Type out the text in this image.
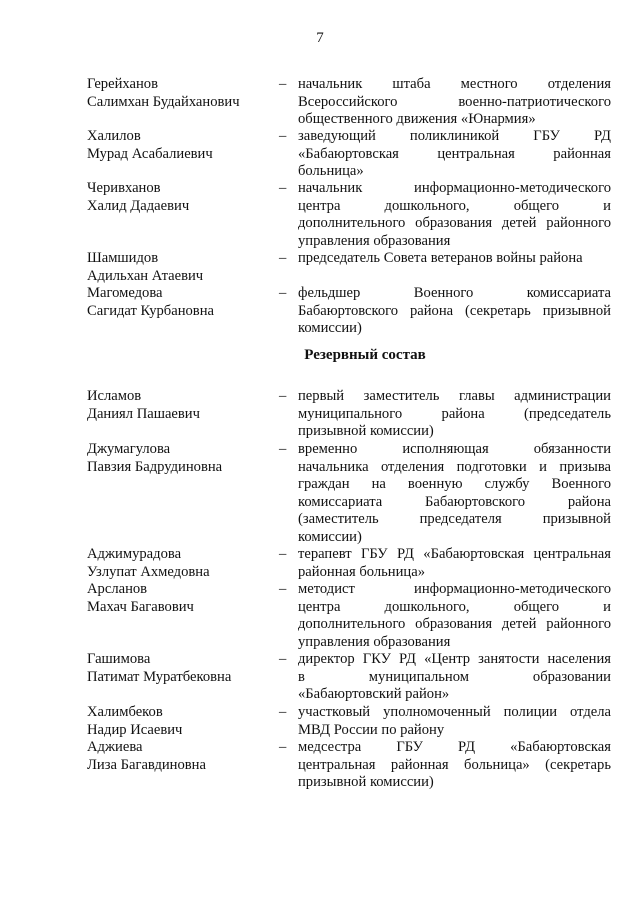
7
Герейханов
Салимхан Будайханович
– начальник штаба местного отделения
Всероссийского военно-патриотического
общественного движения «Юнармия»
Халилов
Мурад Асабалиевич
– заведующий поликлиникой ГБУ РД
«Бабаюртовская центральная районная
больница»
Черивханов
Халид Дадаевич
– начальник информационно-методического
центра дошкольного, общего и
дополнительного образования детей районного
управления образования
Шамшидов
Адильхан Атаевич
– председатель Совета ветеранов войны района
Магомедова
Сагидат Курбановна
– фельдшер Военного комиссариата
Бабаюртовского района (секретарь призывной
комиссии)
Резервный состав
Исламов
Даниял Пашаевич
– первый заместитель главы администрации
муниципального района (председатель
призывной комиссии)
Джумагулова
Павзия Бадрудиновна
– временно исполняющая обязанности
начальника отделения подготовки и призыва
граждан на военную службу Военного
комиссариата Бабаюртовского района
(заместитель председателя призывной
комиссии)
Аджимурадова
Узлупат Ахмедовна
– терапевт ГБУ РД «Бабаюртовская центральная
районная больница»
Арсланов
Махач Багавович
– методист информационно-методического
центра дошкольного, общего и
дополнительного образования детей районного
управления образования
Гашимова
Патимат Муратбековна
– директор ГКУ РД «Центр занятости населения
в муниципальном образовании
«Бабаюртовский район»
Халимбеков
Надир Исаевич
– участковый уполномоченный полиции отдела
МВД России по району
Аджиева
Лиза Багавдиновна
– медсестра ГБУ РД «Бабаюртовская
центральная районная больница» (секретарь
призывной комиссии)
